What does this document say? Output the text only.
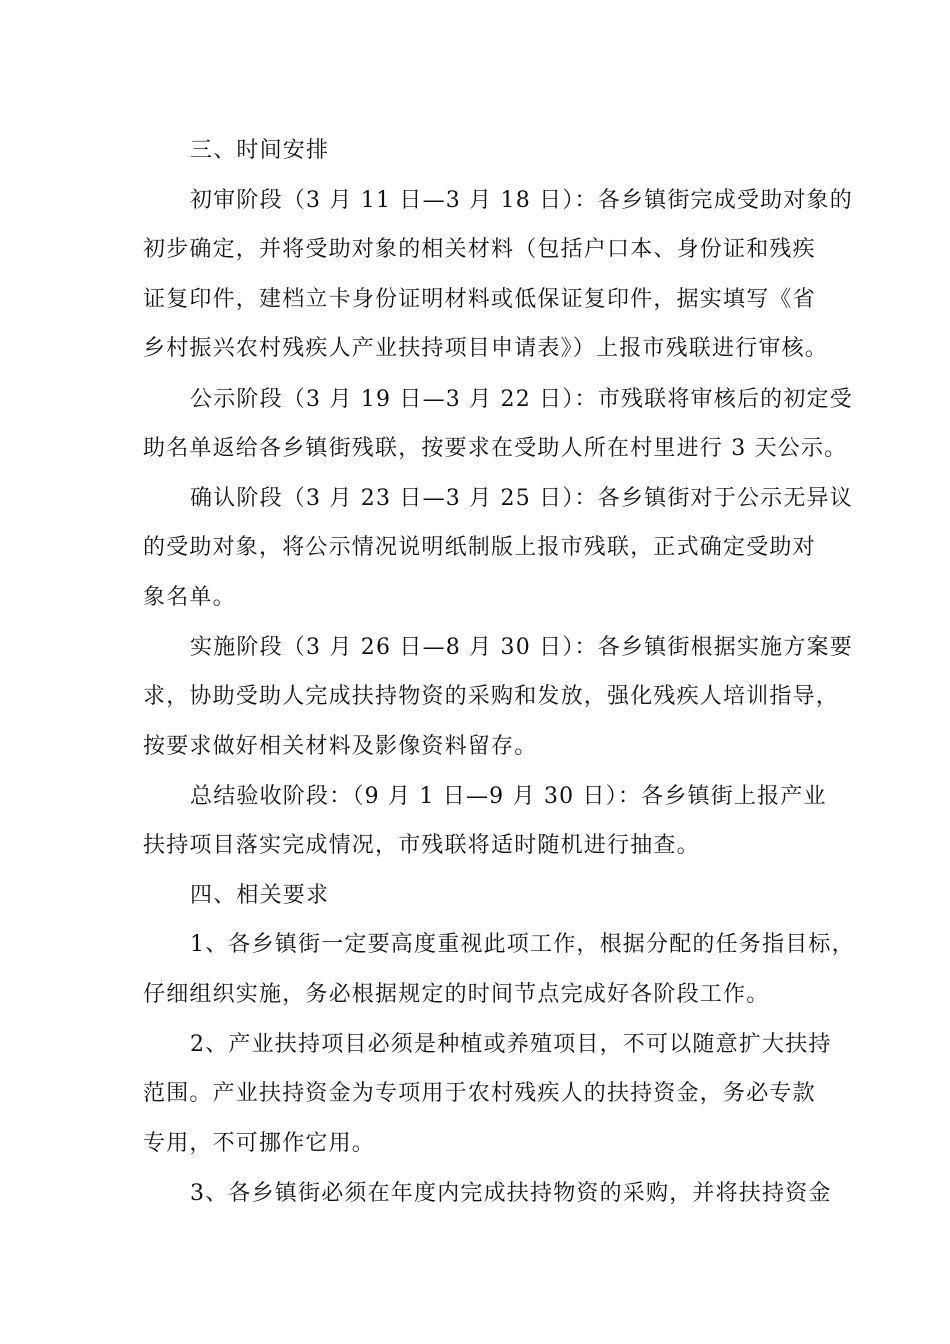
三、时间安排
初审阶段（3 月 11 日—3 月 18 日）：各乡镇街完成受助对象的
初步确定，并将受助对象的相关材料（包括户口本、身份证和残疾
证复印件，建档立卡身份证明材料或低保证复印件，据实填写《省
乡村振兴农村残疾人产业扶持项目申请表》）上报市残联进行审核。
公示阶段（3 月 19 日—3 月 22 日）：市残联将审核后的初定受
助名单返给各乡镇街残联，按要求在受助人所在村里进行 3 天公示。
确认阶段（3 月 23 日—3 月 25 日）：各乡镇街对于公示无异议
的受助对象，将公示情况说明纸制版上报市残联，正式确定受助对
象名单。
实施阶段（3 月 26 日—8 月 30 日）：各乡镇街根据实施方案要
求，协助受助人完成扶持物资的采购和发放，强化残疾人培训指导，
按要求做好相关材料及影像资料留存。
总结验收阶段：（9 月 1 日—9 月 30 日）：各乡镇街上报产业
扶持项目落实完成情况，市残联将适时随机进行抽查。
四、相关要求
1、各乡镇街一定要高度重视此项工作，根据分配的任务指目标，
仔细组织实施，务必根据规定的时间节点完成好各阶段工作。
2、产业扶持项目必须是种植或养殖项目，不可以随意扩大扶持
范围。产业扶持资金为专项用于农村残疾人的扶持资金，务必专款
专用，不可挪作它用。
3、各乡镇街必须在年度内完成扶持物资的采购，并将扶持资金
